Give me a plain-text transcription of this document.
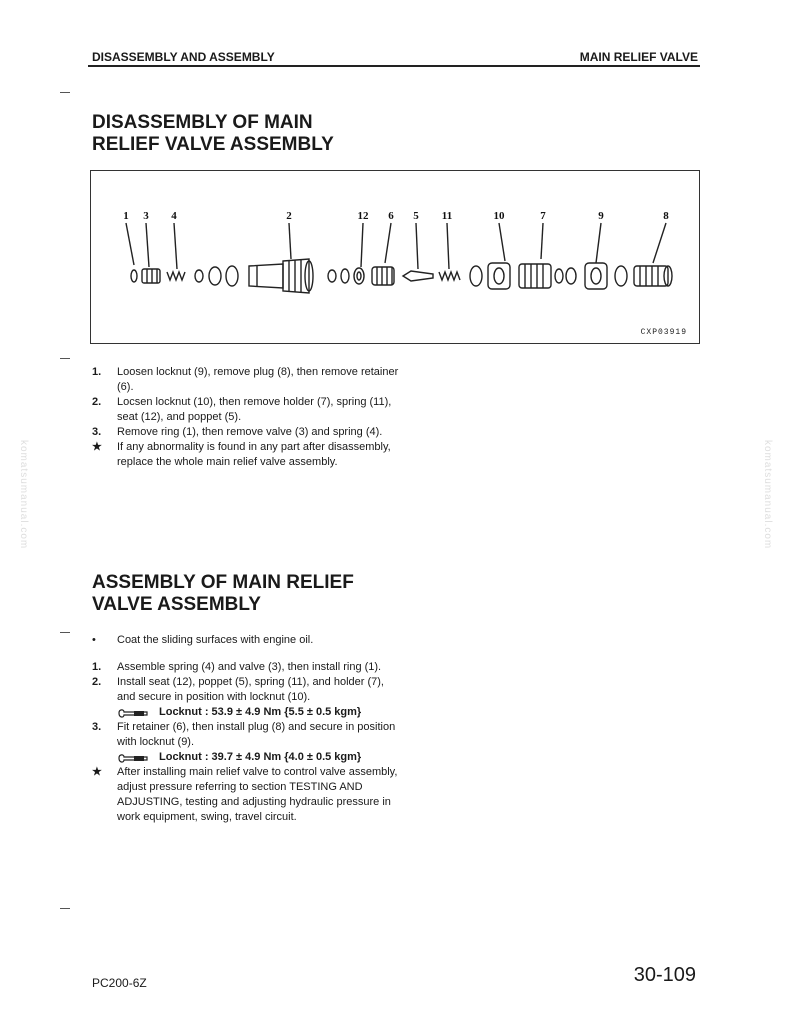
DISASSEMBLY AND ASSEMBLY	MAIN RELIEF VALVE
komatsumanual.com	komatsumanual.com
DISASSEMBLY OF MAIN
RELIEF VALVE ASSEMBLY
1 3 4	2	12 6 5 11	10	7	9	8
CXP03919
1.	Loosen locknut (9), remove plug (8), then remove retainer (6).
2.	Locsen locknut (10), then remove holder (7), spring (11), seat (12), and poppet (5).
3.	Remove ring (1), then remove valve (3) and spring (4).
★	If any abnormality is found in any part after disassembly, replace the whole main relief valve assembly.
ASSEMBLY OF MAIN RELIEF
VALVE ASSEMBLY
•	Coat the sliding surfaces with engine oil.
1.	Assemble spring (4) and valve (3), then install ring (1).
2.	Install seat (12), poppet (5), spring (11), and holder (7), and secure in position with locknut (10).
Locknut : 53.9 ± 4.9 Nm {5.5 ± 0.5 kgm}
3.	Fit retainer (6), then install plug (8) and secure in position with locknut (9).
Locknut : 39.7 ± 4.9 Nm {4.0 ± 0.5 kgm}
★	After installing main relief valve to control valve assembly, adjust pressure referring to section TESTING AND ADJUSTING, testing and adjusting hydraulic pressure in work equipment, swing, travel circuit.
PC200-6Z	30-109
